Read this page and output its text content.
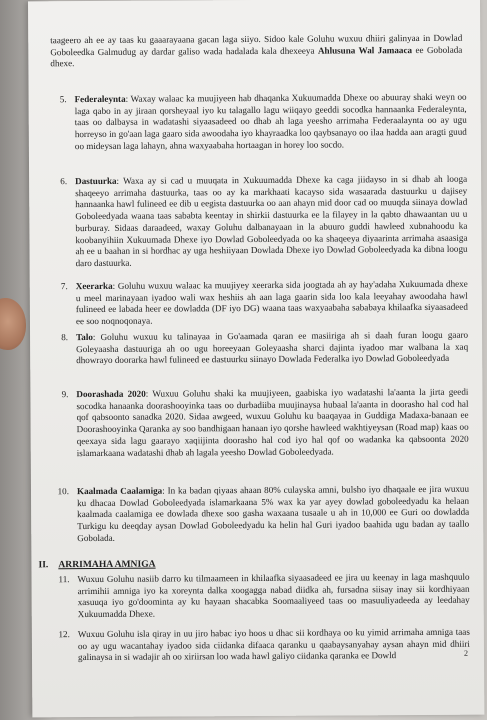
taageero ah ee ay taas ku gaaarayaana gacan laga siiyo. Sidoo kale Goluhu wuxuu dhiiri galinyaa in Dowlad Goboleedka Galmudug ay dardar galiso wada hadalada kala dhexeeya Ahlusuna Wal Jamaaca ee Gobolada dhexe.
5. Federaleynta: Waxay walaac ka muujiyeen hab dhaqanka Xukuumadda Dhexe oo abuuray shaki weyn oo laga qabo in ay jiraan qorsheyaal iyo ku talagallo lagu wiiqayo geeddi socodka hannaanka Federaleynta, taas oo dalbaysa in wadatashi siyaasadeed oo dhab ah laga yeesho arrimaha Federaalaynta oo ay ugu horreyso in go'aan laga gaaro sida awoodaha iyo khayraadka loo qaybsanayo oo ilaa hadda aan aragti guud oo mideysan laga lahayn, ahna waxyaabaha hortaagan in horey loo socdo.
6. Dastuurka: Waxa ay si cad u muuqata in Xukuumadda Dhexe ka caga jiidayso in si dhab ah looga shaqeeyo arrimaha dastuurka, taas oo ay ka markhaati kacayso sida wasaarada dastuurku u dajisey hannaanka hawl fulineed ee dib u eegista dastuurka oo aan ahayn mid door cad oo muuqda siinaya dowlad Goboleedyada waana taas sababta keentay in shirkii dastuurka ee la filayey in la qabto dhawaantan uu u burburay. Sidaas daraadeed, waxay Goluhu dalbanayaan in la abuuro guddi hawleed xubnahoodu ka koobanyihiin Xukuumada Dhexe iyo Dowlad Goboleedyada oo ka shaqeeya diyaarinta arrimaha asaasiga ah ee u baahan in si hordhac ay uga heshiiyaan Dowlada Dhexe iyo Dowlad Goboleedyada ka dibna loogu daro dastuurka.
7. Xeerarka: Goluhu wuxuu walaac ka muujiyey xeerarka sida joogtada ah ay hay'adaha Xukuumada dhexe u meel marinayaan iyadoo wali wax heshiis ah aan laga gaarin sida loo kala leeyahay awoodaha hawl fulineed ee labada heer ee dowladda (DF iyo DG) waana taas waxyaabaha sababaya khilaafka siyaasadeed ee soo noqnoqonaya.
8. Talo: Goluhu wuxuu ku talinayaa in Go'aamada qaran ee masiiriga ah si daah furan loogu gaaro Goleyaasha dastuuriga ah oo ugu horeeyaan Goleyaasha sharci dajinta iyadoo mar walbana la xaq dhowrayo doorarka hawl fulineed ee dastuurku siinayo Dowlada Federalka iyo Dowlad Goboleedyada
9. Doorashada 2020: Wuxuu Goluhu shaki ka muujiyeen, gaabiska iyo wadatashi la'aanta la jirta geedi socodka hanaanka doorashooyinka taas oo durbadiiba muujinaysa hubaal la'aanta in doorasho hal cod hal qof qabsoonto sanadka 2020. Sidaa awgeed, wuxuu Goluhu ku baaqayaa in Guddiga Madaxa-banaan ee Doorashooyinka Qaranka ay soo bandhigaan hanaan iyo qorshe hawleed wakhtiyeysan (Road map) kaas oo qeexaya sida lagu gaarayo xaqiijinta doorasho hal cod iyo hal qof oo wadanka ka qabsoonta 2020 islamarkaana wadatashi dhab ah lagala yeesho Dowlad Goboleedyada.
10. Kaalmada Caalamiga: In ka badan qiyaas ahaan 80% culayska amni, bulsho iyo dhaqaale ee jira wuxuu ku dhacaa Dowlad Goboleedyada islamarkaana 5% wax ka yar ayey dowlad goboleedyadu ka helaan kaalmada caalamiga ee dowlada dhexe soo gasha waxaana tusaale u ah in 10,000 ee Guri oo dowladda Turkigu ku deeqday aysan Dowlad Goboleedyadu ka helin hal Guri iyadoo baahida ugu badan ay taallo Gobolada.
II. ARRIMAHA AMNIGA
11. Wuxuu Goluhu nasiib darro ku tilmaameen in khilaafka siyaasadeed ee jira uu keenay in laga mashquulo arrimihii amniga iyo ka xoreynta dalka xoogagga nabad diidka ah, fursadna siisay inay sii kordhiyaan xasuuqa iyo go'doominta ay ku hayaan shacabka Soomaaliyeed taas oo masuuliyadeeda ay leedahay Xukuumadda Dhexe.
12. Wuxuu Goluhu isla qiray in uu jiro habac iyo hoos u dhac sii kordhaya oo ku yimid arrimaha amniga taas oo ay ugu wacantahay iyadoo sida ciidanka difaaca qaranku u qaabaysanyahay aysan ahayn mid dhiiri galinaysa in si wadajir ah oo xiriirsan loo wada hawl galiyo ciidanka qaranka ee Dowld	2
